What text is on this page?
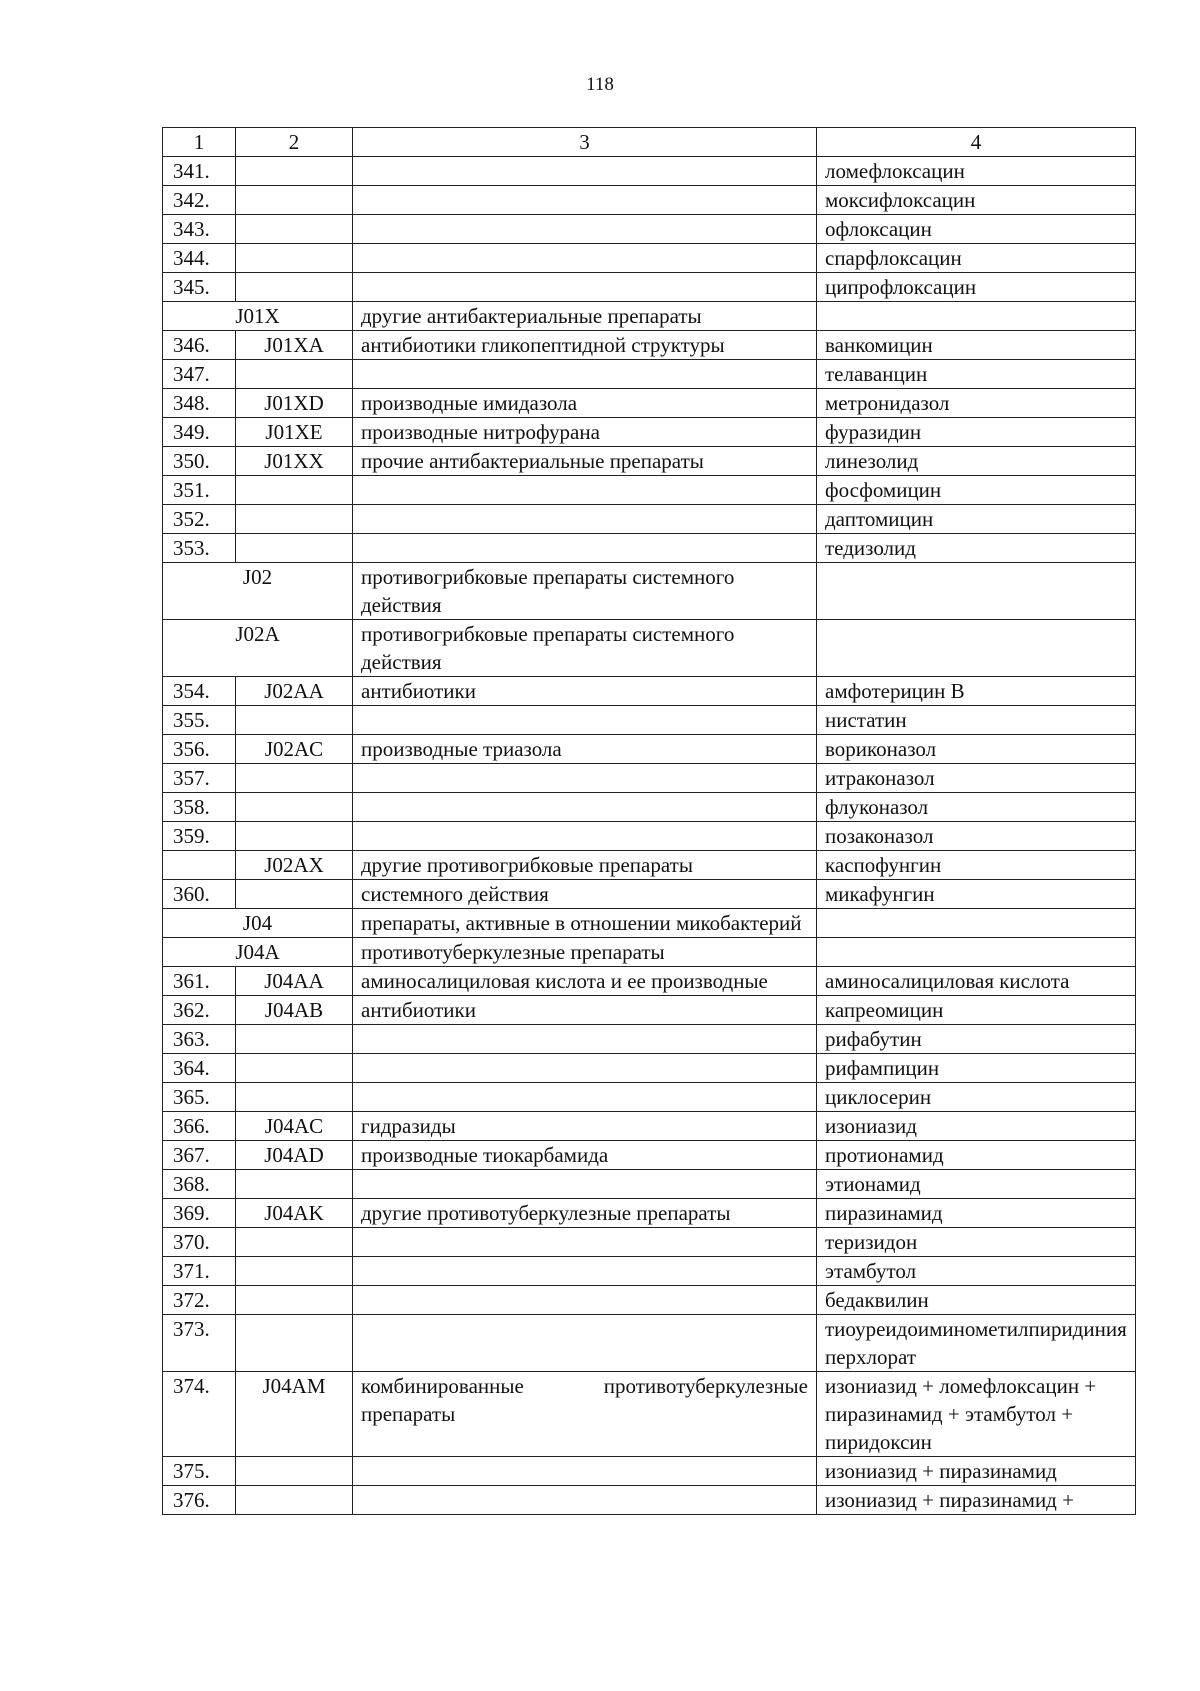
118
1	2	3	4
341.			ломефлоксацин
342.			моксифлоксацин
343.			офлоксацин
344.			спарфлоксацин
345.			ципрофлоксацин
J01X		другие антибактериальные препараты	
346.	J01XA	антибиотики гликопептидной структуры	ванкомицин
347.			телаванцин
348.	J01XD	производные имидазола	метронидазол
349.	J01XE	производные нитрофурана	фуразидин
350.	J01XX	прочие антибактериальные препараты	линезолид
351.			фосфомицин
352.			даптомицин
353.			тедизолид
J02		противогрибковые препараты системного действия	
J02A		противогрибковые препараты системного действия	
354.	J02AA	антибиотики	амфотерицин В
355.			нистатин
356.	J02AC	производные триазола	вориконазол
357.			итраконазол
358.			флуконазол
359.			позаконазол
	J02AX	другие противогрибковые препараты	каспофунгин
360.		системного действия	микафунгин
J04		препараты, активные в отношении микобактерий	
J04A		противотуберкулезные препараты	
361.	J04AA	аминосалициловая кислота и ее производные	аминосалициловая кислота
362.	J04AB	антибиотики	капреомицин
363.			рифабутин
364.			рифампицин
365.			циклосерин
366.	J04AC	гидразиды	изониазид
367.	J04AD	производные тиокарбамида	протионамид
368.			этионамид
369.	J04AK	другие противотуберкулезные препараты	пиразинамид
370.			теризидон
371.			этамбутол
372.			бедаквилин
373.			тиоуреидоиминометилпиридиния перхлорат
374.	J04AM	комбинированные противотуберкулезные препараты	изониазид + ломефлоксацин + пиразинамид + этамбутол + пиридоксин
375.			изониазид + пиразинамид
376.			изониазид + пиразинамид +
